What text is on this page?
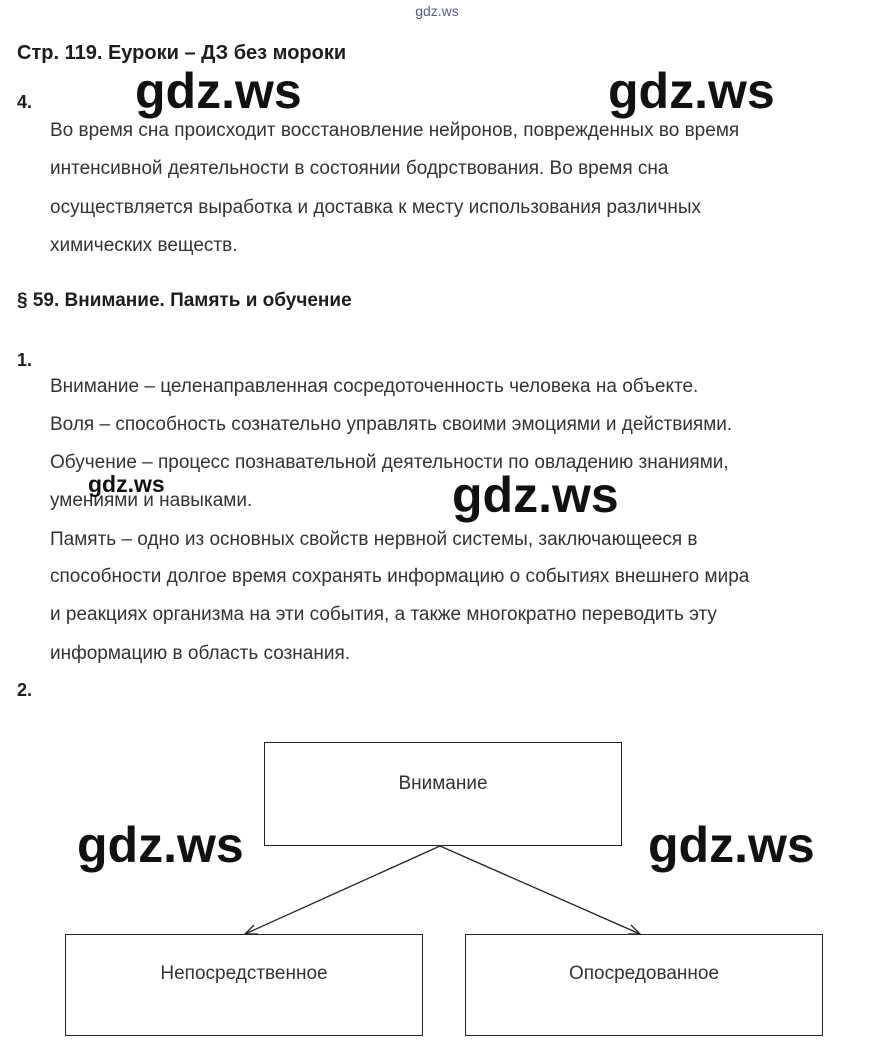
gdz.ws
Стр. 119. Еуроки – ДЗ без мороки
4.
Во время сна происходит восстановление нейронов, поврежденных во время
интенсивной деятельности в состоянии бодрствования. Во время сна
осуществляется выработка и доставка к месту использования различных
химических веществ.
§ 59. Внимание. Память и обучение
1.
Внимание – целенаправленная сосредоточенность человека на объекте.
Воля – способность сознательно управлять своими эмоциями и действиями.
Обучение – процесс познавательной деятельности по овладению знаниями,
умениями и навыками.
Память – одно из основных свойств нервной системы, заключающееся в
способности долгое время сохранять информацию о событиях внешнего мира
и реакциях организма на эти события, а также многократно переводить эту
информацию в область сознания.
2.
Внимание
Непосредственное	Опосредованное
gdz.ws	gdz.ws
gdz.ws	gdz.ws
gdz.ws	gdz.ws
